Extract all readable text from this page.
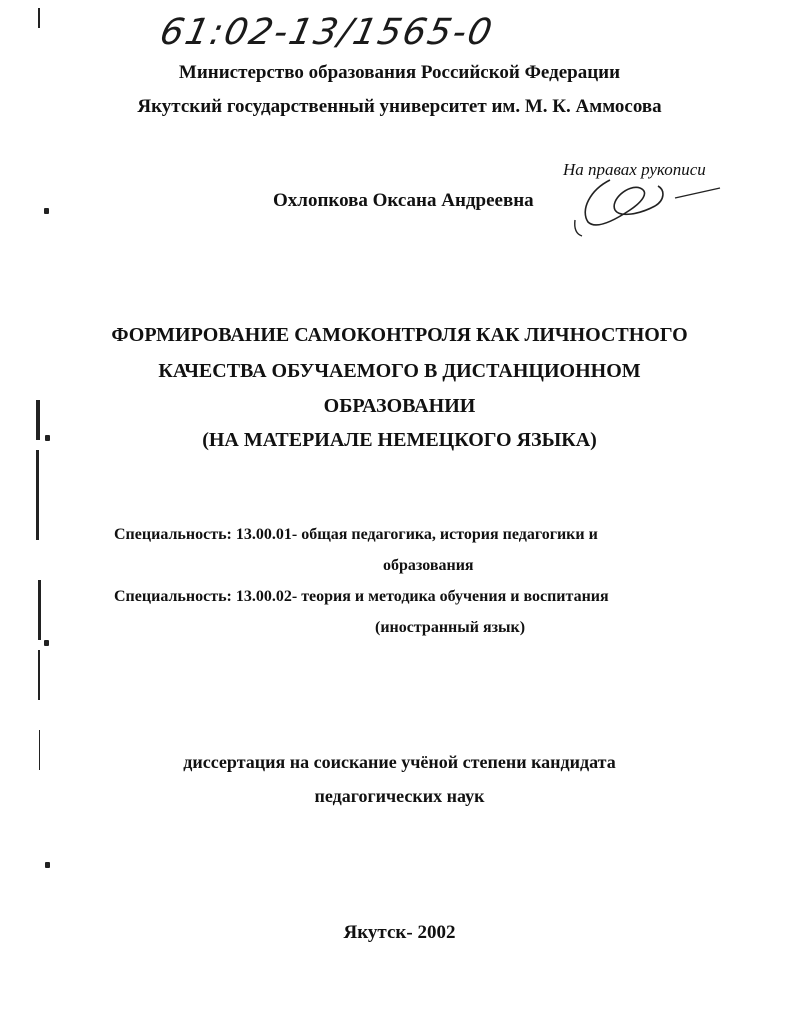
61:02-13/1565-0
Министерство образования Российской Федерации
Якутский государственный университет им. М. К. Аммосова
На правах рукописи
Охлопкова Оксана Андреевна
ФОРМИРОВАНИЕ САМОКОНТРОЛЯ КАК ЛИЧНОСТНОГО
КАЧЕСТВА ОБУЧАЕМОГО В ДИСТАНЦИОННОМ
ОБРАЗОВАНИИ
(НА МАТЕРИАЛЕ НЕМЕЦКОГО ЯЗЫКА)
Специальность: 13.00.01- общая педагогика, история педагогики и
образования
Специальность: 13.00.02- теория и методика обучения и воспитания
(иностранный язык)
диссертация на соискание учёной степени кандидата
педагогических наук
Якутск- 2002
